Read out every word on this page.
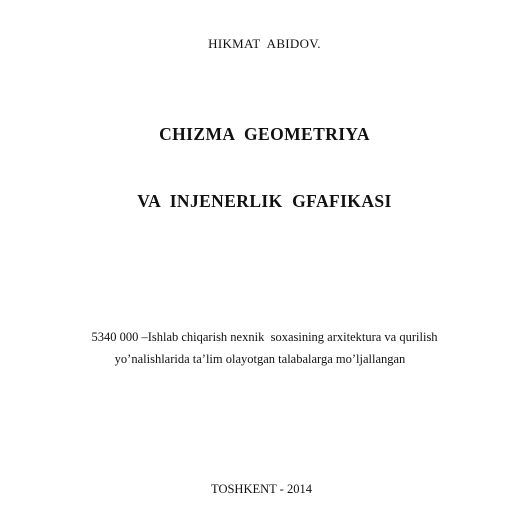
HIKMAT  ABIDOV.
CHIZMA  GEOMETRIYA
VA  INJENERLIK  GFAFIKASI
5340 000 –Ishlab chiqarish nexnik  soxasining arxitektura va qurilish
yo’nalishlarida ta’lim olayotgan talabalarga mo’ljallangan
TOSHKENT - 2014
